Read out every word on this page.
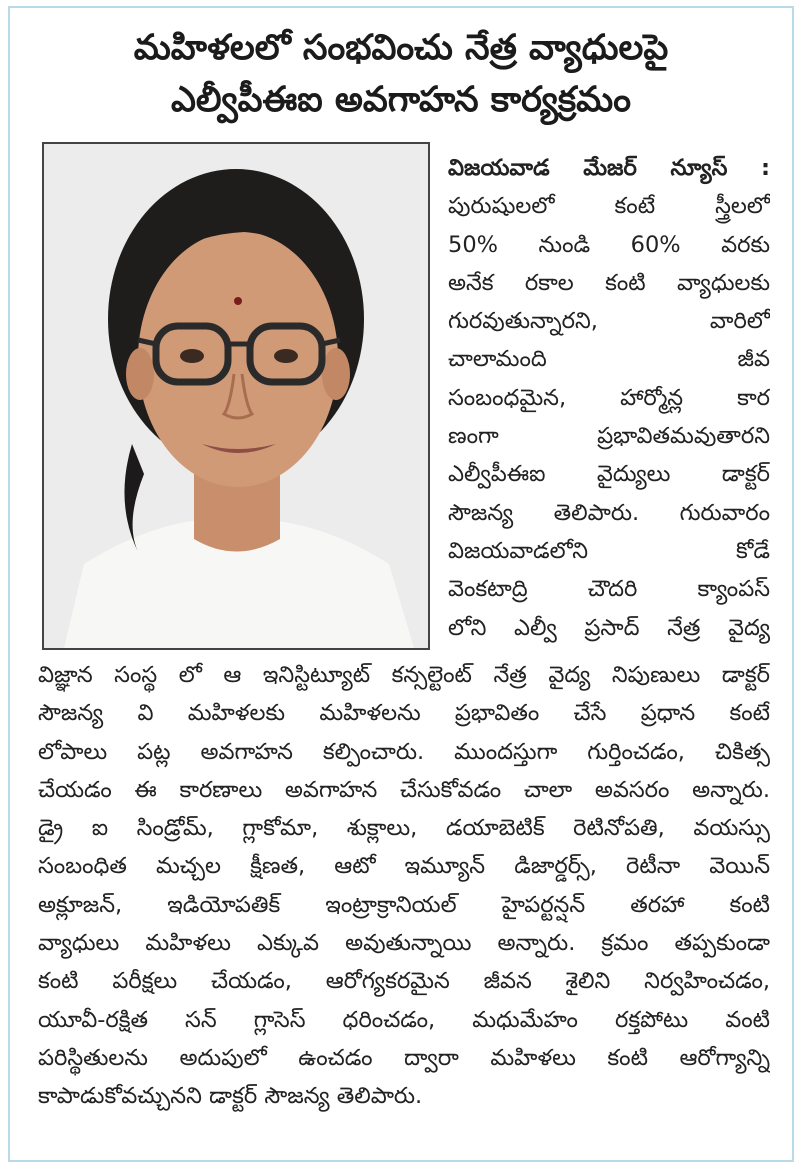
మహిళలలో సంభవించు నేత్ర వ్యాధులపై
ఎల్వీపీఈఐ అవగాహన కార్యక్రమం
విజయవాడ మేజర్ న్యూస్ :
పురుషులలో కంటే స్త్రీలలో
50% నుండి 60% వరకు
అనేక రకాల కంటి వ్యాధులకు
గురవుతున్నారని, వారిలో
చాలామంది జీవ
సంబంధమైన, హార్మోన్ల కార
ణంగా ప్రభావితమవుతారని
ఎల్వీపీఈఐ వైద్యులు డాక్టర్
సౌజన్య తెలిపారు. గురువారం
విజయవాడలోని కోడే
వెంకటాద్రి చౌదరి క్యాంపస్
లోని ఎల్వీ ప్రసాద్ నేత్ర వైద్య
విజ్ఞాన సంస్థ లో ఆ ఇనిస్టిట్యూట్ కన్సల్టెంట్ నేత్ర వైద్య నిపుణులు డాక్టర్
సౌజన్య వి మహిళలకు మహిళలను ప్రభావితం చేసే ప్రధాన కంటే
లోపాలు పట్ల అవగాహన కల్పించారు. ముందస్తుగా గుర్తించడం, చికిత్స
చేయడం ఈ కారణాలు అవగాహన చేసుకోవడం చాలా అవసరం అన్నారు.
డ్రై ఐ సిండ్రోమ్, గ్లాకోమా, శుక్లాలు, డయాబెటిక్ రెటినోపతి, వయస్సు
సంబంధిత మచ్చల క్షీణత, ఆటో ఇమ్యూన్ డిజార్డర్స్, రెటీనా వెయిన్
అక్లూజన్, ఇడియోపతిక్ ఇంట్రాక్రానియల్ హైపర్టన్షన్ తరహా కంటి
వ్యాధులు మహిళలు ఎక్కువ అవుతున్నాయి అన్నారు. క్రమం తప్పకుండా
కంటి పరీక్షలు చేయడం, ఆరోగ్యకరమైన జీవన శైలిని నిర్వహించడం,
యూవీ-రక్షిత సన్ గ్లాసెస్ ధరించడం, మధుమేహం రక్తపోటు వంటి
పరిస్థితులను అదుపులో ఉంచడం ద్వారా మహిళలు కంటి ఆరోగ్యాన్ని
కాపాడుకోవచ్చునని డాక్టర్ సౌజన్య తెలిపారు.
